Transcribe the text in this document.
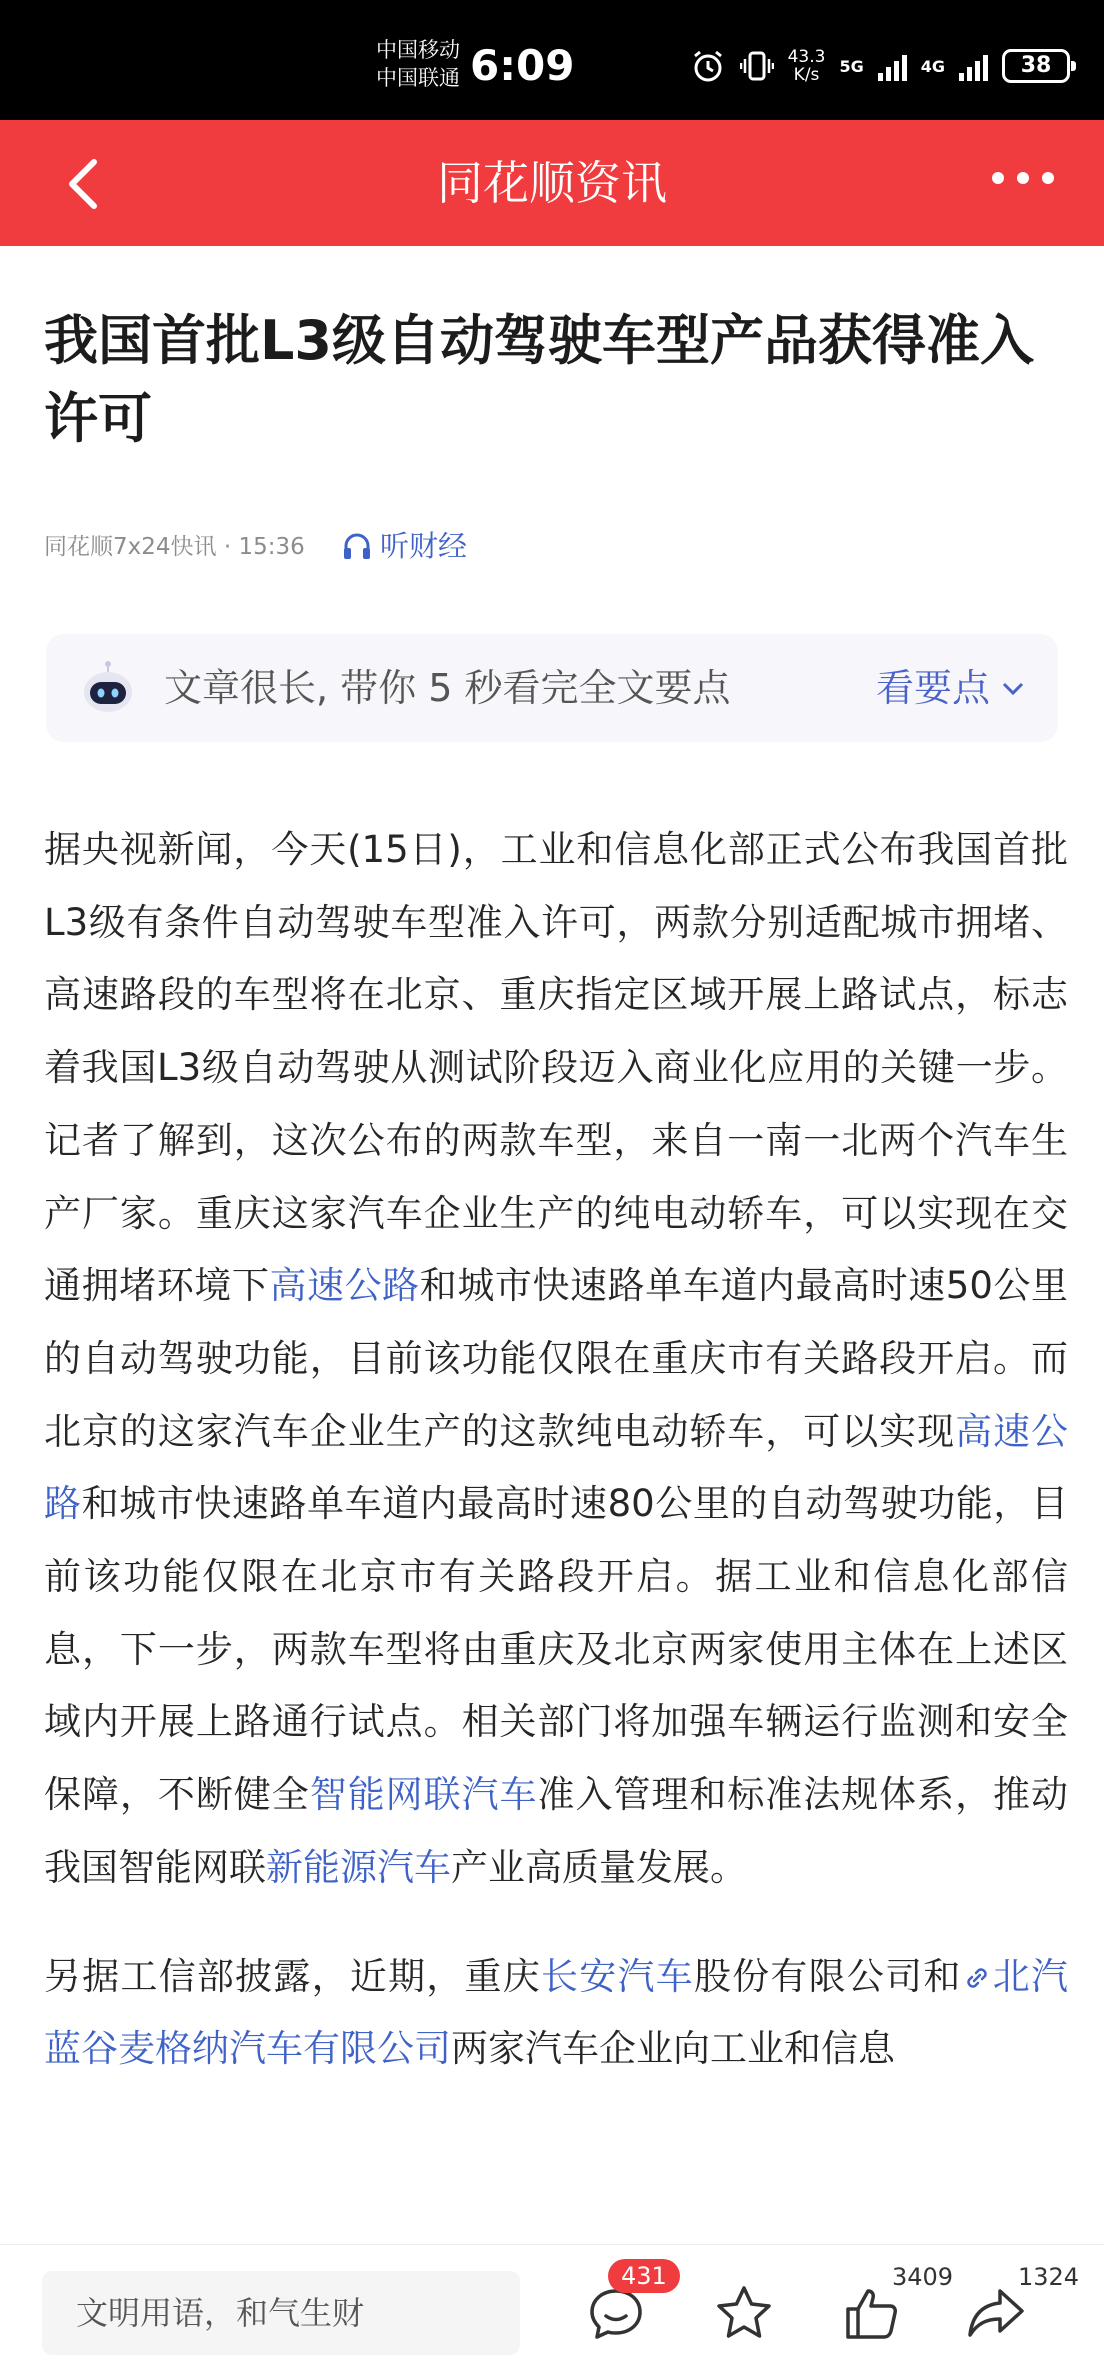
中国移动
中国联通 6:09	43.3
K/s	5G	4G	38
同花顺资讯
我国首批L3级自动驾驶车型产品获得准入许可
同花顺7x24快讯 · 15:36	听财经
文章很长, 带你 5 秒看完全文要点	看要点

据央视新闻，今天(15日)，工业和信息化部正式公布我国首批L3级有条件自动驾驶车型准入许可，两款分别适配城市拥堵、高速路段的车型将在北京、重庆指定区域开展上路试点，标志着我国L3级自动驾驶从测试阶段迈入商业化应用的关键一步。记者了解到，这次公布的两款车型，来自一南一北两个汽车生产厂家。重庆这家汽车企业生产的纯电动轿车，可以实现在交通拥堵环境下高速公路和城市快速路单车道内最高时速50公里的自动驾驶功能，目前该功能仅限在重庆市有关路段开启。而北京的这家汽车企业生产的这款纯电动轿车，可以实现高速公路和城市快速路单车道内最高时速80公里的自动驾驶功能，目前该功能仅限在北京市有关路段开启。据工业和信息化部信息，下一步，两款车型将由重庆及北京两家使用主体在上述区域内开展上路通行试点。相关部门将加强车辆运行监测和安全保障，不断健全智能网联汽车准入管理和标准法规体系，推动我国智能网联新能源汽车产业高质量发展。

另据工信部披露，近期，重庆长安汽车股份有限公司和 北汽蓝谷麦格纳汽车有限公司两家汽车企业向工业和信息

文明用语，和气生财
431	3409	1324
